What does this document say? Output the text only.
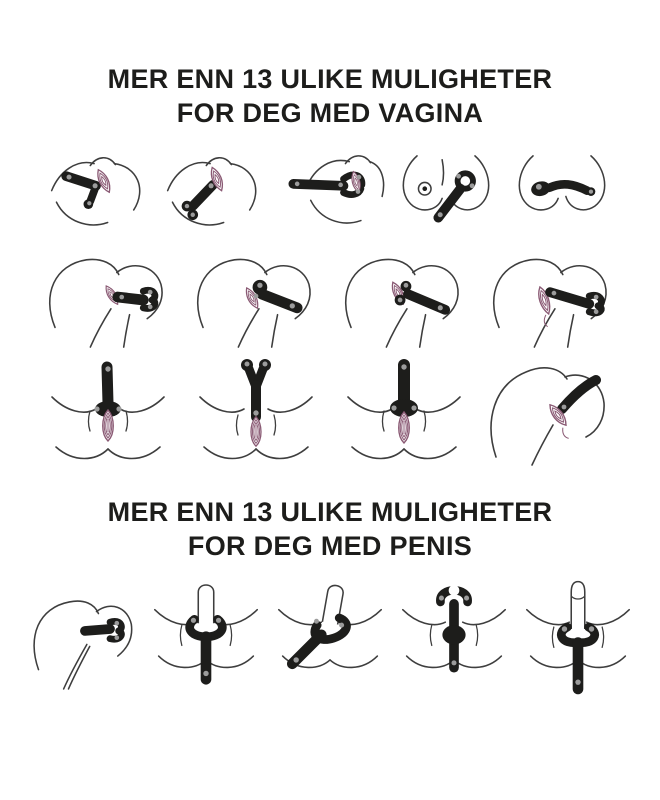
MER ENN 13 ULIKE MULIGHETER
FOR DEG MED VAGINA
MER ENN 13 ULIKE MULIGHETER
FOR DEG MED PENIS
